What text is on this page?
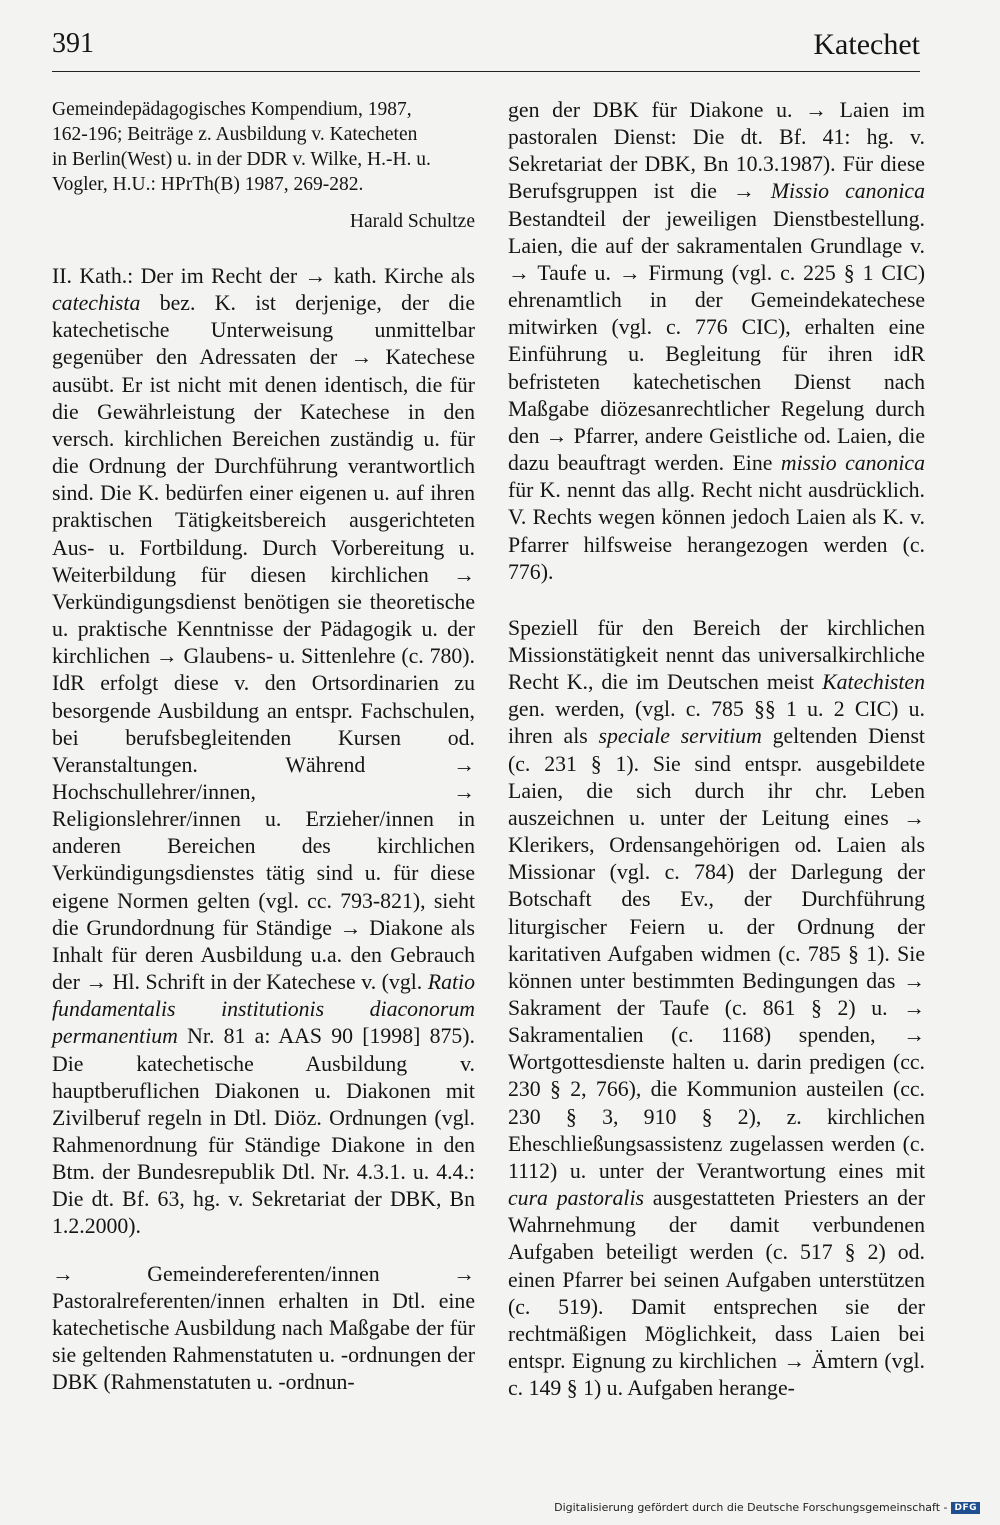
391	Katechet

Gemeindepädagogisches Kompendium, 1987,

162-196; Beiträge z. Ausbildung v. Katecheten

in Berlin(West) u. in der DDR v. Wilke, H.-H. u.

Vogler, H.U.: HPrTh(B) 1987, 269-282.

Harald Schultze

II. Kath.: Der im Recht der → kath. Kirche als catechista bez. K. ist derjenige, der die katechetische Unterweisung unmittelbar gegenüber den Adressaten der → Katechese ausübt. Er ist nicht mit denen identisch, die für die Gewährleistung der Katechese in den versch. kirchlichen Bereichen zuständig u. für die Ordnung der Durchführung verantwortlich sind. Die K. bedürfen einer eigenen u. auf ihren praktischen Tätigkeitsbereich ausgerichteten Aus- u. Fortbildung. Durch Vorbereitung u. Weiterbildung für diesen kirchlichen → Verkündigungsdienst benötigen sie theoretische u. praktische Kenntnisse der Pädagogik u. der kirchlichen → Glaubens- u. Sittenlehre (c. 780). IdR erfolgt diese v. den Ortsordinarien zu besorgende Ausbildung an entspr. Fachschulen, bei berufsbegleitenden Kursen od. Veranstaltungen. Während → Hochschullehrer/innen, → Religionslehrer/innen u. Erzieher/innen in anderen Bereichen des kirchlichen Verkündigungsdienstes tätig sind u. für diese eigene Normen gelten (vgl. cc. 793-821), sieht die Grundordnung für Ständige → Diakone als Inhalt für deren Ausbildung u.a. den Gebrauch der → Hl. Schrift in der Katechese v. (vgl. Ratio fundamentalis institutionis diaconorum permanentium Nr. 81 a: AAS 90 [1998] 875). Die katechetische Ausbildung v. hauptberuflichen Diakonen u. Diakonen mit Zivilberuf regeln in Dtl. Diöz. Ordnungen (vgl. Rahmenordnung für Ständige Diakone in den Btm. der Bundesrepublik Dtl. Nr. 4.3.1. u. 4.4.: Die dt. Bf. 63, hg. v. Sekretariat der DBK, Bn 1.2.2000).

→ Gemeindereferenten/innen → Pastoralreferenten/innen erhalten in Dtl. eine katechetische Ausbildung nach Maßgabe der für sie geltenden Rahmenstatuten u. -ordnungen der DBK (Rahmenstatuten u. -ordnun-

gen der DBK für Diakone u. → Laien im pastoralen Dienst: Die dt. Bf. 41: hg. v. Sekretariat der DBK, Bn 10.3.1987). Für diese Berufsgruppen ist die → Missio canonica Bestandteil der jeweiligen Dienstbestellung. Laien, die auf der sakramentalen Grundlage v. → Taufe u. → Firmung (vgl. c. 225 § 1 CIC) ehrenamtlich in der Gemeindekatechese mitwirken (vgl. c. 776 CIC), erhalten eine Einführung u. Begleitung für ihren idR befristeten katechetischen Dienst nach Maßgabe diözesanrechtlicher Regelung durch den → Pfarrer, andere Geistliche od. Laien, die dazu beauftragt werden. Eine missio canonica für K. nennt das allg. Recht nicht ausdrücklich. V. Rechts wegen können jedoch Laien als K. v. Pfarrer hilfsweise herangezogen werden (c. 776).

Speziell für den Bereich der kirchlichen Missionstätigkeit nennt das universalkirchliche Recht K., die im Deutschen meist Katechisten gen. werden, (vgl. c. 785 §§ 1 u. 2 CIC) u. ihren als speciale servitium geltenden Dienst (c. 231 § 1). Sie sind entspr. ausgebildete Laien, die sich durch ihr chr. Leben auszeichnen u. unter der Leitung eines → Klerikers, Ordensangehörigen od. Laien als Missionar (vgl. c. 784) der Darlegung der Botschaft des Ev., der Durchführung liturgischer Feiern u. der Ordnung der karitativen Aufgaben widmen (c. 785 § 1). Sie können unter bestimmten Bedingungen das → Sakrament der Taufe (c. 861 § 2) u. → Sakramentalien (c. 1168) spenden, → Wortgottesdienste halten u. darin predigen (cc. 230 § 2, 766), die Kommunion austeilen (cc. 230 § 3, 910 § 2), z. kirchlichen Eheschließungsassistenz zugelassen werden (c. 1112) u. unter der Verantwortung eines mit cura pastoralis ausgestatteten Priesters an der Wahrnehmung der damit verbundenen Aufgaben beteiligt werden (c. 517 § 2) od. einen Pfarrer bei seinen Aufgaben unterstützen (c. 519). Damit entsprechen sie der rechtmäßigen Möglichkeit, dass Laien bei entspr. Eignung zu kirchlichen → Ämtern (vgl. c. 149 § 1) u. Aufgaben herange-

Digitalisierung gefördert durch die Deutsche Forschungsgemeinschaft - DFG
